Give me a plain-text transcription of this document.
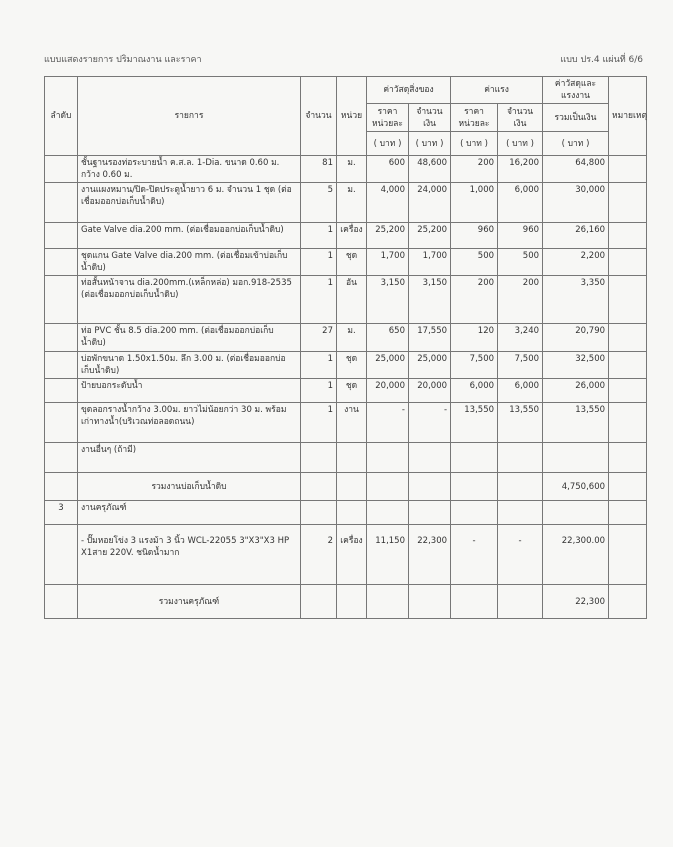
แบบแสดงรายการ ปริมาณงาน และราคา	แบบ ปร.4 แผ่นที่ 6/6
ลำดับ	รายการ	จำนวน	หน่วย	ค่าวัสดุสิ่งของ		ค่าแรง		ค่าวัสดุและแรงงาน	หมายเหตุ
				ราคาหน่วยละ	จำนวนเงิน	ราคาหน่วยละ	จำนวนเงิน	รวมเป็นเงิน	
				( บาท )	( บาท )	( บาท )	( บาท )	( บาท )	
	ชั้นฐานรองท่อระบายน้ำ ค.ส.ล. 1-Dia. ขนาด 0.60 ม. กว้าง 0.60 ม.	81	ม.	600	48,600	200	16,200	64,800	
	งานแผงหมาน/ปิด-ปิดประตูน้ำยาว 6 ม. จำนวน 1 ชุด (ต่อเชื่อมออกบ่อเก็บน้ำดิบ)	5	ม.	4,000	24,000	1,000	6,000	30,000	
	Gate Valve dia.200 mm. (ต่อเชื่อมออกบ่อเก็บน้ำดิบ)	1	เครื่อง	25,200	25,200	960	960	26,160	
	ชุดแกน Gate Valve dia.200 mm. (ต่อเชื่อมเข้าบ่อเก็บน้ำดิบ)	1	ชุด	1,700	1,700	500	500	2,200	
	ท่อสั้นหน้าจาน dia.200mm.(เหล็กหล่อ) มอก.918-2535 (ต่อเชื่อมออกบ่อเก็บน้ำดิบ)	1	อัน	3,150	3,150	200	200	3,350	
	ท่อ PVC ชั้น 8.5 dia.200 mm. (ต่อเชื่อมออกบ่อเก็บน้ำดิบ)	27	ม.	650	17,550	120	3,240	20,790	
	บ่อพักขนาด 1.50x1.50ม. ลึก 3.00 ม. (ต่อเชื่อมออกบ่อเก็บน้ำดิบ)	1	ชุด	25,000	25,000	7,500	7,500	32,500	
	ป้ายบอกระดับน้ำ	1	ชุด	20,000	20,000	6,000	6,000	26,000	
	ขุดลอกรางน้ำกว้าง 3.00ม. ยาวไม่น้อยกว่า 30 ม. พร้อมเก่าทางน้ำ(บริเวณท่อลอดถนน)	1	งาน	-	-	13,550	13,550	13,550	
	งานอื่นๆ (ถ้ามี)								
	รวมงานบ่อเก็บน้ำดิบ							4,750,600	
3	งานครุภัณฑ์								
	- ปั๊มหอยโข่ง 3 แรงม้า 3 นิ้ว WCL-22055 3"X3"X3 HP X1สาย 220V. ชนิดน้ำมาก	2	เครื่อง	11,150	22,300	-	-	22,300.00	
	รวมงานครุภัณฑ์							22,300	
